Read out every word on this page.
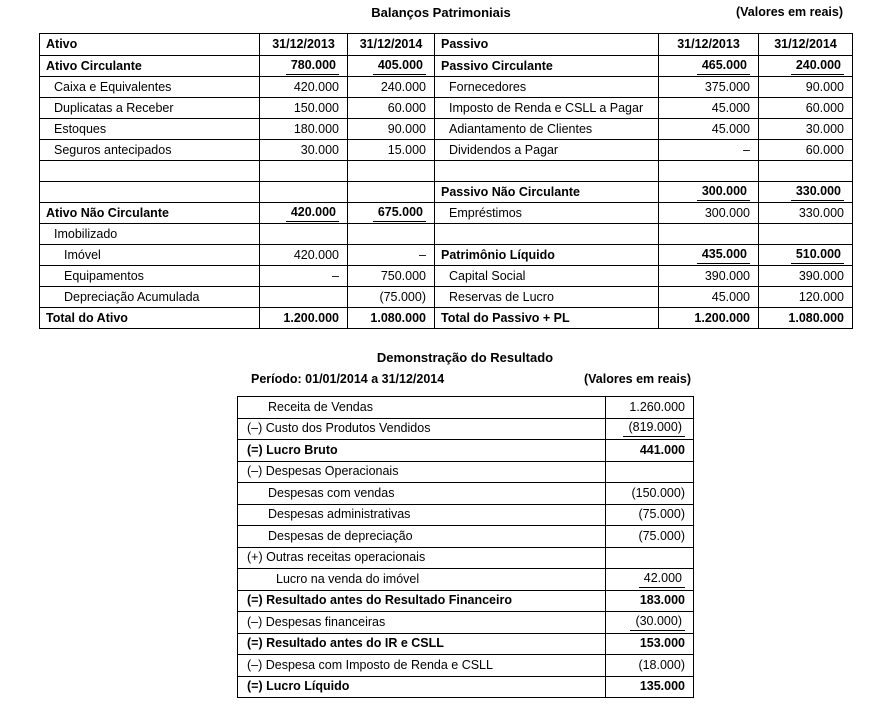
Balanços Patrimoniais	(Valores em reais)
Ativo	31/12/2013	31/12/2014	Passivo	31/12/2013	31/12/2014
Ativo Circulante	780.000	405.000	Passivo Circulante	465.000	240.000
Caixa e Equivalentes	420.000	240.000	Fornecedores	375.000	90.000
Duplicatas a Receber	150.000	60.000	Imposto de Renda e CSLL a Pagar	45.000	60.000
Estoques	180.000	90.000	Adiantamento de Clientes	45.000	30.000
Seguros antecipados	30.000	15.000	Dividendos a Pagar	–	60.000

			Passivo Não Circulante	300.000	330.000
Ativo Não Circulante	420.000	675.000	Empréstimos	300.000	330.000
Imobilizado					
Imóvel	420.000	–	Patrimônio Líquido	435.000	510.000
Equipamentos	–	750.000	Capital Social	390.000	390.000
Depreciação Acumulada		(75.000)	Reservas de Lucro	45.000	120.000
Total do Ativo	1.200.000	1.080.000	Total do Passivo + PL	1.200.000	1.080.000
Demonstração do Resultado
Período: 01/01/2014 a 31/12/2014	(Valores em reais)
Receita de Vendas	1.260.000
(–) Custo dos Produtos Vendidos	(819.000)
(=) Lucro Bruto	441.000
(–) Despesas Operacionais	
Despesas com vendas	(150.000)
Despesas administrativas	(75.000)
Despesas de depreciação	(75.000)
(+) Outras receitas operacionais	
Lucro na venda do imóvel	42.000
(=) Resultado antes do Resultado Financeiro	183.000
(–) Despesas financeiras	(30.000)
(=) Resultado antes do IR e CSLL	153.000
(–) Despesa com Imposto de Renda e CSLL	(18.000)
(=) Lucro Líquido	135.000
